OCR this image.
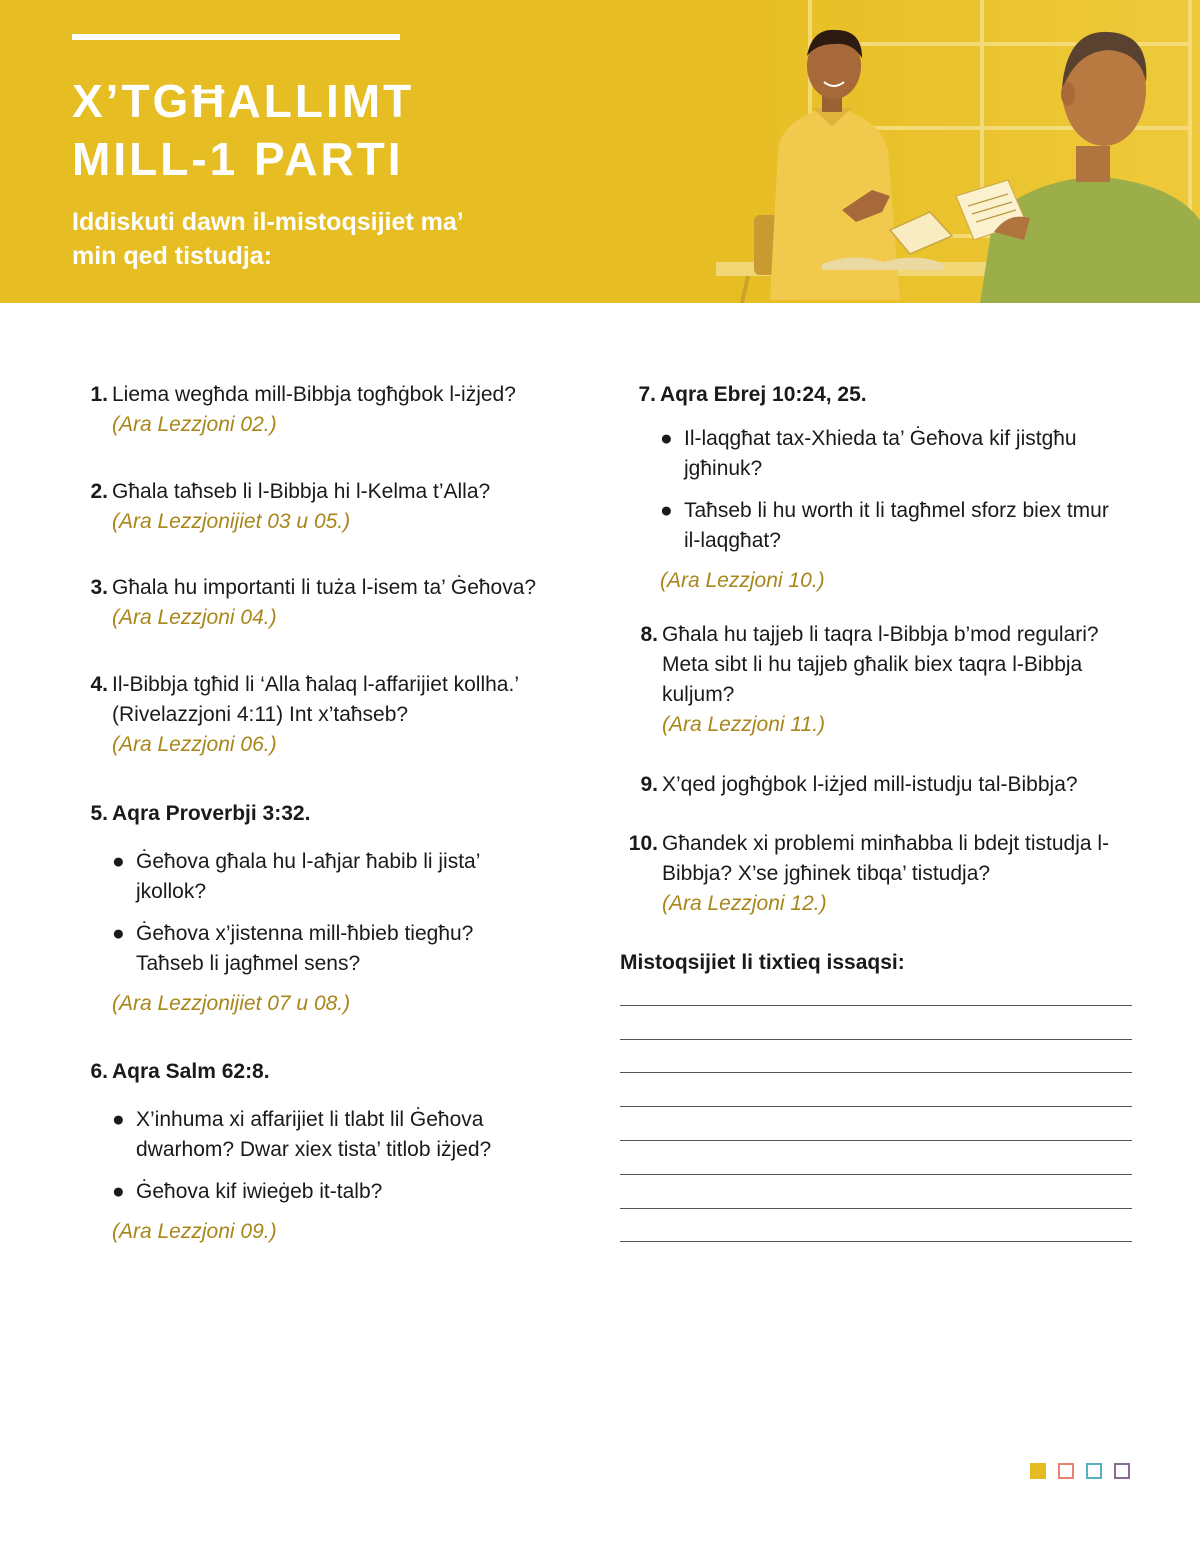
X’TGĦALLIMT
MILL-1 PARTI

Iddiskuti dawn il-mistoqsijiet ma’ min qed tistudja:

1. Liema wegħda mill-Bibbja togħġbok l-iżjed?
(Ara Lezzjoni 02.)
2. Għala taħseb li l-Bibbja hi l-Kelma t’Alla?
(Ara Lezzjonijiet 03 u 05.)
3. Għala hu importanti li tuża l-isem ta’ Ġeħova?
(Ara Lezzjoni 04.)
4. Il-Bibbja tgħid li ‘Alla ħalaq l-affarijiet kollha.’ (Rivelazzjoni 4:11) Int x’taħseb?
(Ara Lezzjoni 06.)
5. Aqra Proverbji 3:32.
● Ġeħova għala hu l-aħjar ħabib li jista’ jkollok?
● Ġeħova x’jistenna mill-ħbieb tiegħu? Taħseb li jagħmel sens?
(Ara Lezzjonijiet 07 u 08.)
6. Aqra Salm 62:8.
● X’inhuma xi affarijiet li tlabt lil Ġeħova dwarhom? Dwar xiex tista’ titlob iżjed?
● Ġeħova kif iwieġeb it-talb?
(Ara Lezzjoni 09.)
7. Aqra Ebrej 10:24, 25.
● Il-laqgħat tax-Xhieda ta’ Ġeħova kif jistgħu jgħinuk?
● Taħseb li hu worth it li tagħmel sforz biex tmur il-laqgħat?
(Ara Lezzjoni 10.)
8. Għala hu tajjeb li taqra l-Bibbja b’mod regulari? Meta sibt li hu tajjeb għalik biex taqra l-Bibbja kuljum?
(Ara Lezzjoni 11.)
9. X’qed jogħġbok l-iżjed mill-istudju tal-Bibbja?
10. Għandek xi problemi minħabba li bdejt tistudja l-Bibbja? X’se jgħinek tibqa’ tistudja?
(Ara Lezzjoni 12.)
Mistoqsijiet li tixtieq issaqsi:
